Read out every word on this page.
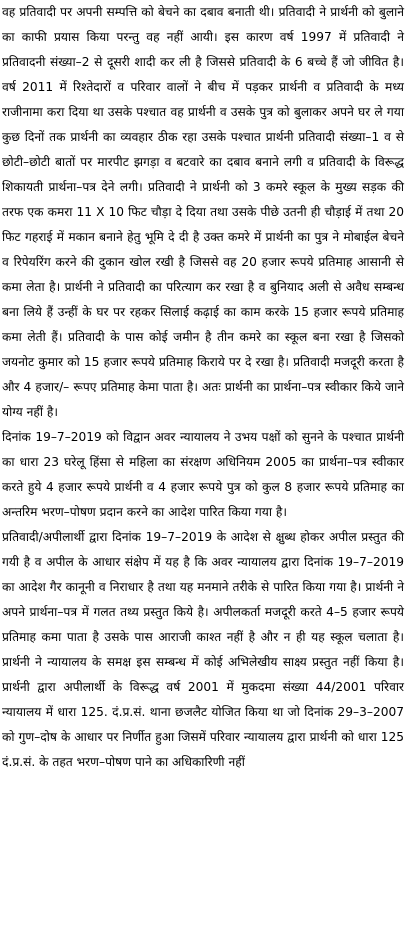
वह प्रतिवादी पर अपनी सम्पत्ति को बेचने का दबाव बनाती थी। प्रतिवादी ने प्रार्थनी को बुलाने का काफी प्रयास किया परन्तु वह नहीं आयी। इस कारण वर्ष 1997 में प्रतिवादी ने प्रतिवादनी संख्या–2 से दूसरी शादी कर ली है जिससे प्रतिवादी के 6 बच्चे हैं जो जीवित है। वर्ष 2011 में रिश्तेदारों व परिवार वालों ने बीच में पड़कर प्रार्थनी व प्रतिवादी के मध्य राजीनामा करा दिया था उसके पश्चात वह प्रार्थनी व उसके पुत्र को बुलाकर अपने घर ले गया कुछ दिनों तक प्रार्थनी का व्यवहार ठीक रहा उसके पश्चात प्रार्थनी प्रतिवादी संख्या–1 व से छोटी–छोटी बातों पर मारपीट झगड़ा व बटवारे का दबाव बनाने लगी व प्रतिवादी के विरूद्ध शिकायती प्रार्थना–पत्र देने लगी। प्रतिवादी ने प्रार्थनी को 3 कमरे स्कूल के मुख्य सड़क की तरफ एक कमरा 11 X 10 फिट चौड़ा दे दिया तथा उसके पीछे उतनी ही चौड़ाई में तथा 20 फिट गहराई में मकान बनाने हेतु भूमि दे दी है उक्त कमरे में प्रार्थनी का पुत्र ने मोबाईल बेचने व रिपेयरिंग करने की दुकान खोल रखी है जिससे वह 20 हजार रूपये प्रतिमाह आसानी से कमा लेता है। प्रार्थनी ने प्रतिवादी का परित्याग कर रखा है व बुनियाद अली से अवैध सम्बन्ध बना लिये हैं उन्हीं के घर पर रहकर सिलाई कढ़ाई का काम करके 15 हजार रूपये प्रतिमाह कमा लेती हैं। प्रतिवादी के पास कोई जमीन है तीन कमरे का स्कूल बना रखा है जिसको जयनोट कुमार को 15 हजार रूपये प्रतिमाह किराये पर दे रखा है। प्रतिवादी मजदूरी करता है और 4 हजार/– रूपए प्रतिमाह केमा पाता है। अतः प्रार्थनी का प्रार्थना–पत्र स्वीकार किये जाने योग्य नहीं है।

दिनांक 19–7–2019 को विद्वान अवर न्यायालय ने उभय पक्षों को सुनने के पश्चात प्रार्थनी का धारा 23 घरेलू हिंसा से महिला का संरक्षण अधिनियम 2005 का प्रार्थना–पत्र स्वीकार करते हुये 4 हजार रूपये प्रार्थनी व 4 हजार रूपये पुत्र को कुल 8 हजार रूपये प्रतिमाह का अन्तरिम भरण–पोषण प्रदान करने का आदेश पारित किया गया है।

प्रतिवादी/अपीलार्थी द्वारा दिनांक 19–7–2019 के आदेश से क्षुब्ध होकर अपील प्रस्तुत की गयी है व अपील के आधार संक्षेप में यह है कि अवर न्यायालय द्वारा दिनांक 19–7–2019 का आदेश गैर कानूनी व निराधार है तथा यह मनमाने तरीके से पारित किया गया है। प्रार्थनी ने अपने प्रार्थना–पत्र में गलत तथ्य प्रस्तुत किये है। अपीलकर्ता मजदूरी करते 4–5 हजार रूपये प्रतिमाह कमा पाता है उसके पास आराजी काश्त नहीं है और न ही यह स्कूल चलाता है। प्रार्थनी ने न्यायालय के समक्ष इस सम्बन्ध में कोई अभिलेखीय साक्ष्य प्रस्तुत नहीं किया है। प्रार्थनी द्वारा अपीलार्थी के विरूद्ध वर्ष 2001 में मुकदमा संख्या 44/2001 परिवार न्यायालय में धारा 125. दं.प्र.सं. थाना छजलैट योजित किया था जो दिनांक 29–3–2007 को गुण–दोष के आधार पर निर्णीत हुआ जिसमें परिवार न्यायालय द्वारा प्रार्थनी को धारा 125 दं.प्र.सं. के तहत भरण–पोषण पाने का अधिकारिणी नहीं
